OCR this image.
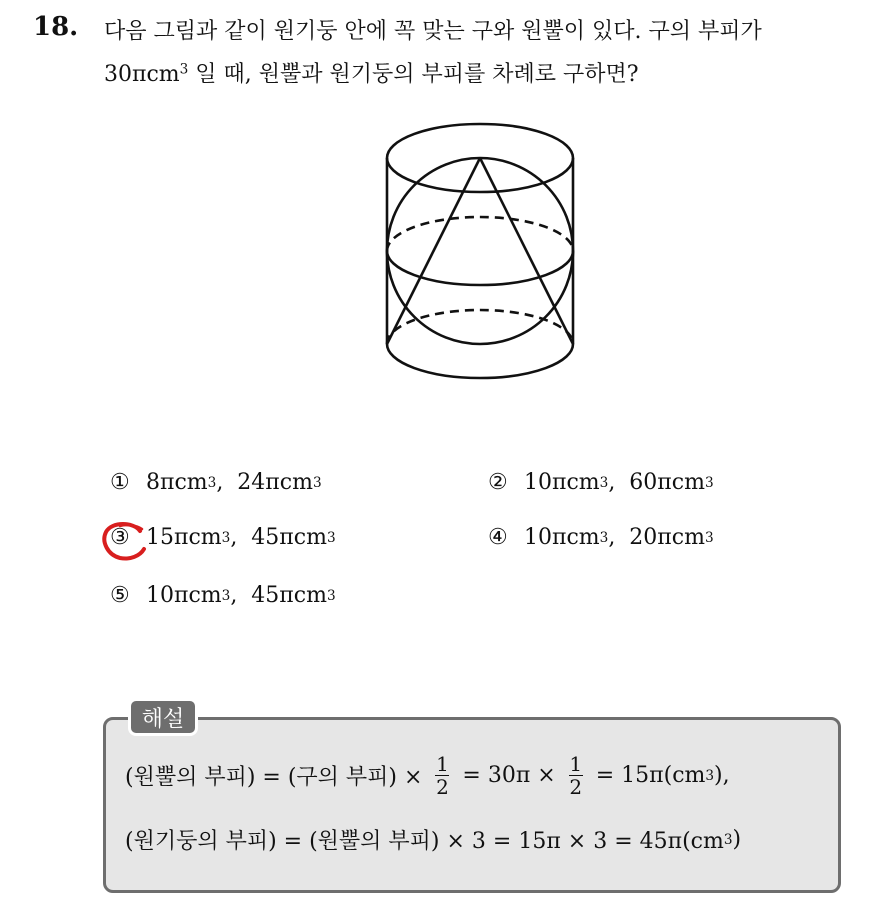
18. 다음 그림과 같이 원기둥 안에 꼭 맞는 구와 원뿔이 있다. 구의 부피가
30πcm$^3$ 일 때, 원뿔과 원기둥의 부피를 차례로 구하면?
① 8πcm 3 , 24πcm 3	② 10πcm 3 , 60πcm 3
③ 15πcm 3 , 45πcm 3	④ 10πcm 3 , 20πcm 3
⑤ 10πcm 3 , 45πcm 3
해설
(원뿔의 부피) = (구의 부피) × $\frac{1}{2} = 30\pi \times \frac{1}{2} = 15\pi(cm$ 3 ),
(원기둥의 부피) = (원뿔의 부피) × 3 = 15π × 3 = 45π(cm 3 )
